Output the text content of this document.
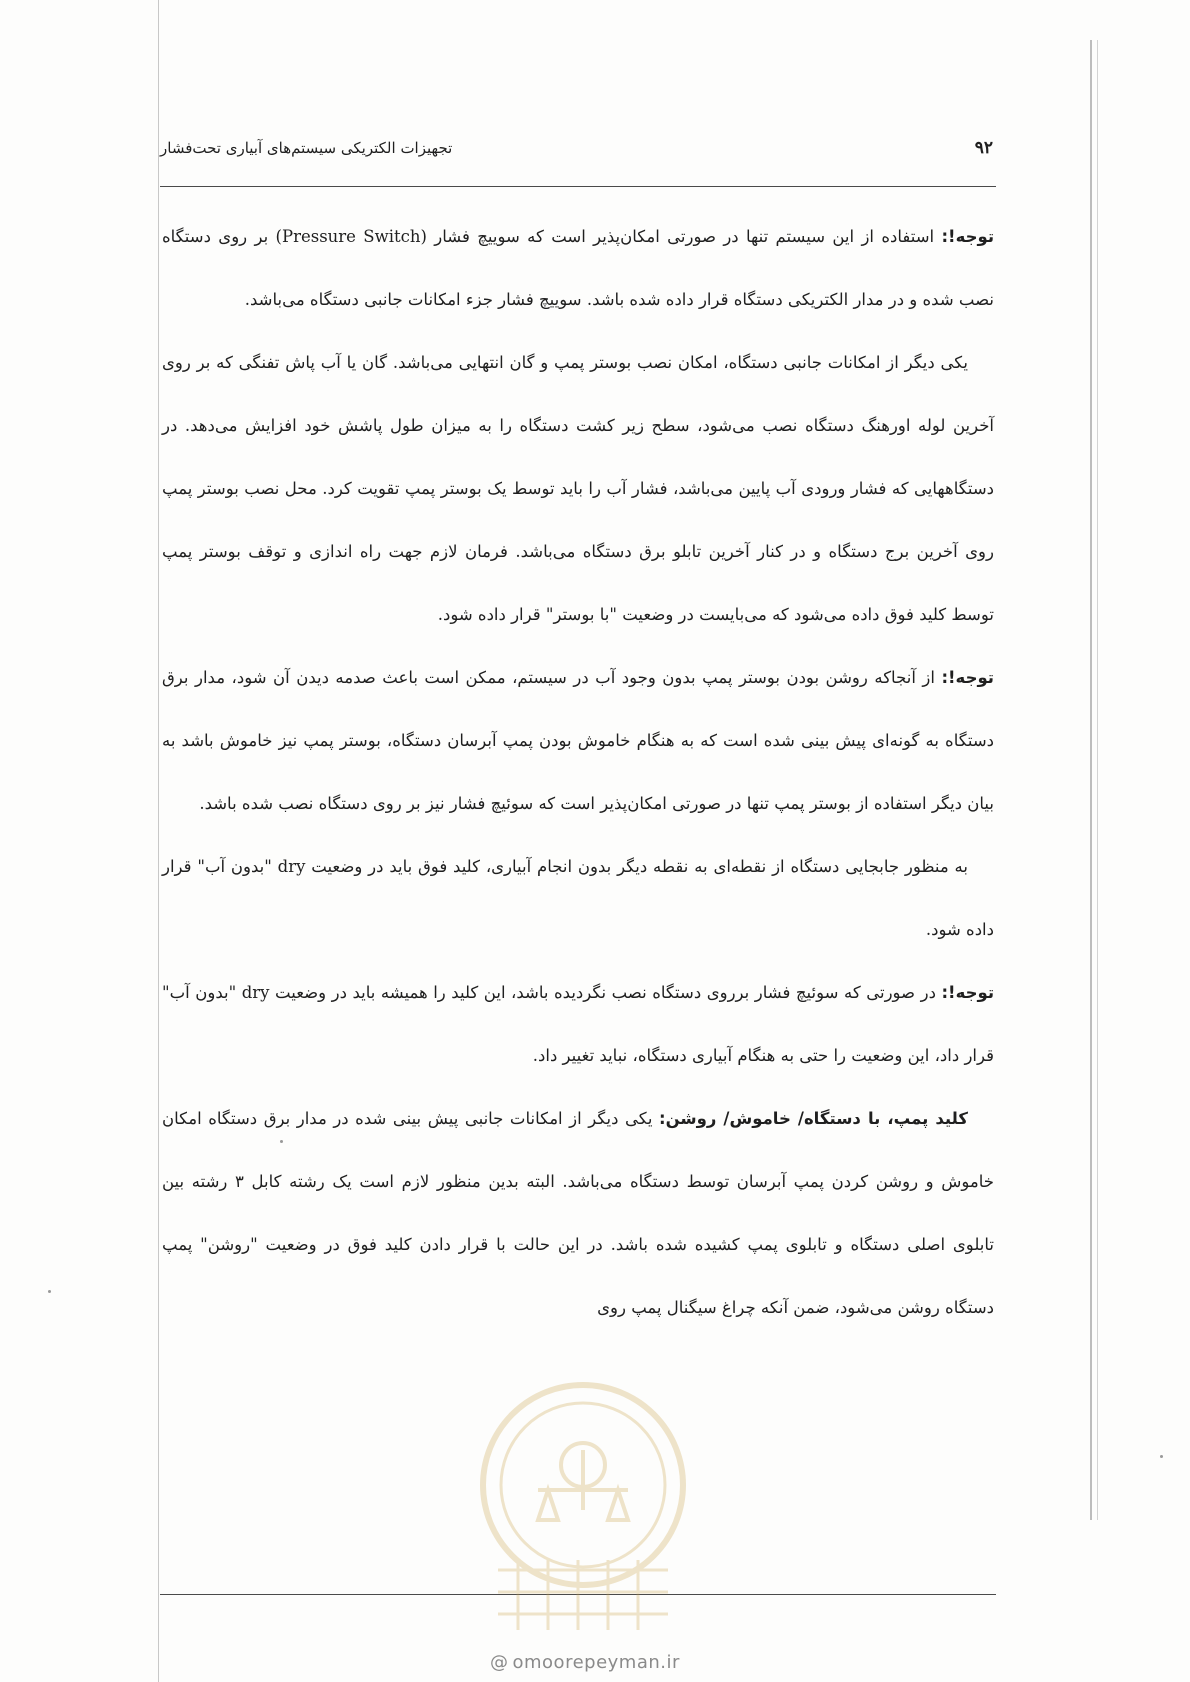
۹۲
تجهیزات الکتریکی سیستم‌های آبیاری تحت‌فشار

توجه!: استفاده از این سیستم تنها در صورتی امکان‌پذیر است که سوییچ فشار (Pressure Switch) بر روی دستگاه نصب شده و در مدار الکتریکی دستگاه قرار داده شده باشد. سوییچ فشار جزء امکانات جانبی دستگاه می‌باشد.

یکی دیگر از امکانات جانبی دستگاه، امکان نصب بوستر پمپ و گان انتهایی می‌باشد. گان یا آب پاش تفنگی که بر روی آخرین لوله اورهنگ دستگاه نصب می‌شود، سطح زیر کشت دستگاه را به میزان طول پاشش خود افزایش می‌دهد. در دستگاههایی که فشار ورودی آب پایین می‌باشد، فشار آب را باید توسط یک بوستر پمپ تقویت کرد. محل نصب بوستر پمپ روی آخرین برج دستگاه و در کنار آخرین تابلو برق دستگاه می‌باشد. فرمان لازم جهت راه اندازی و توقف بوستر پمپ توسط کلید فوق داده می‌شود که می‌بایست در وضعیت "با بوستر" قرار داده شود.

توجه!: از آنجاکه روشن بودن بوستر پمپ بدون وجود آب در سیستم، ممکن است باعث صدمه دیدن آن شود، مدار برق دستگاه به گونه‌ای پیش بینی شده است که به هنگام خاموش بودن پمپ آبرسان دستگاه، بوستر پمپ نیز خاموش باشد به بیان دیگر استفاده از بوستر پمپ تنها در صورتی امکان‌پذیر است که سوئیچ فشار نیز بر روی دستگاه نصب شده باشد.

به منظور جابجایی دستگاه از نقطه‌ای به نقطه دیگر بدون انجام آبیاری، کلید فوق باید در وضعیت dry "بدون آب" قرار داده شود.

توجه!: در صورتی که سوئیچ فشار برروی دستگاه نصب نگردیده باشد، این کلید را همیشه باید در وضعیت dry "بدون آب" قرار داد، این وضعیت را حتی به هنگام آبیاری دستگاه، نباید تغییر داد.

کلید پمپ، با دستگاه/ خاموش/ روشن: یکی دیگر از امکانات جانبی پیش بینی شده در مدار برق دستگاه امکان خاموش و روشن کردن پمپ آبرسان توسط دستگاه می‌باشد. البته بدین منظور لازم است یک رشته کابل ۳ رشته بین تابلوی اصلی دستگاه و تابلوی پمپ کشیده شده باشد. در این حالت با قرار دادن کلید فوق در وضعیت "روشن" پمپ دستگاه روشن می‌شود، ضمن آنکه چراغ سیگنال پمپ روی

@ omoorepeyman.ir
